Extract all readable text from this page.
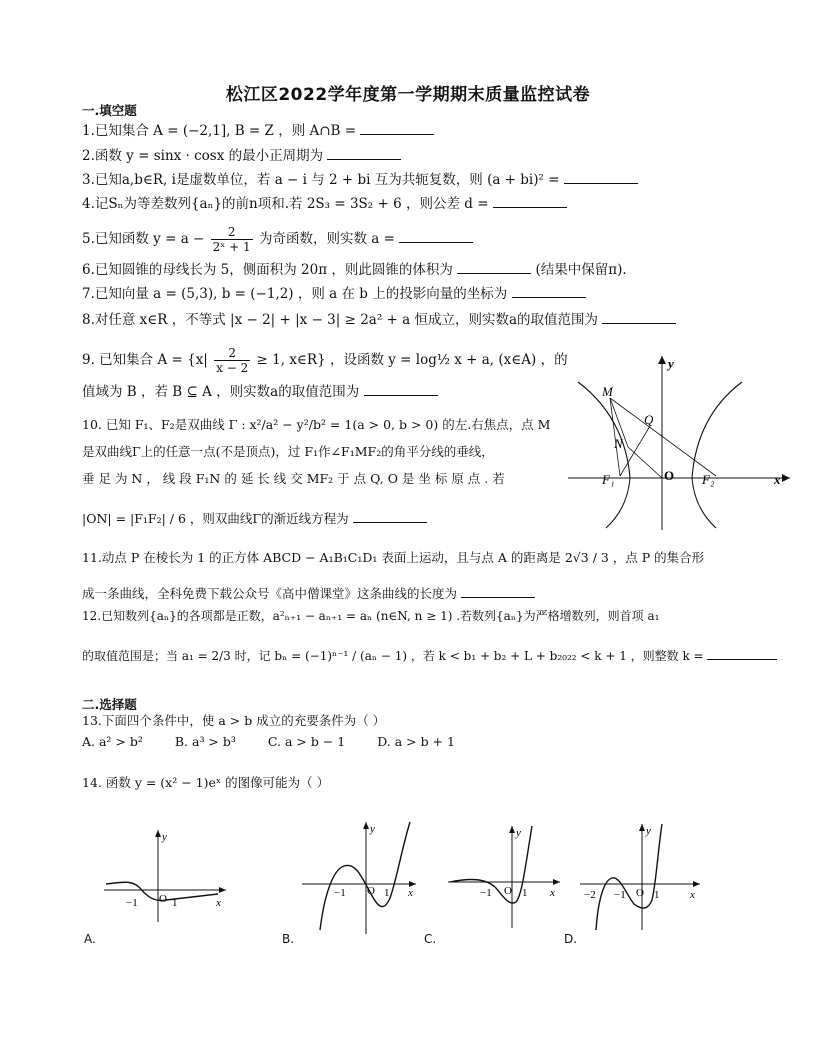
松江区2022学年度第一学期期末质量监控试卷
一.填空题
1.已知集合 A = (−2,1], B = Z ，则 A∩B =
2.函数 y = sinx · cosx 的最小正周期为
3.已知a,b∈R, i是虚数单位，若 a − i 与 2 + bi 互为共轭复数，则 (a + bi)² =
4.记Sₙ为等差数列{aₙ}的前n项和.若 2S₃ = 3S₂ + 6 ，则公差 d =
5.已知函数 $y = a - \frac{2}{\text{2ˣ + 1}}$ 为奇函数，则实数 a =
6.已知圆锥的母线长为 5，侧面积为 20π ，则此圆锥的体积为	(结果中保留π).
7.已知向量 a = (5,3), b = (−1,2) ，则 a 在 b 上的投影向量的坐标为
8.对任意 x∈R ，不等式 |x − 2| + |x − 3| ≥ 2a² + a 恒成立，则实数a的取值范围为
9. 已知集合 $A = \{x| \frac{2}{x - 2} \ge 1$, x∈R} ，设函数 y = log½ x + a, (x∈A) ，的
值域为 B ，若 B ⊆ A ，则实数a的取值范围为
10. 已知 F₁、F₂是双曲线 Γ : x²/a² − y²/b² = 1(a > 0, b > 0) 的左.右焦点，点 M
是双曲线Γ上的任意一点(不是顶点)，过 F₁作∠F₁MF₂的角平分线的垂线，
垂 足 为 N ， 线 段 F₁N 的 延 长 线 交 MF₂ 于 点 Q, O 是 坐 标 原 点 . 若
|ON| = |F₁F₂| / 6 ，则双曲线Γ的渐近线方程为
M
Q
N
F₁	O F₂	x
y
11.动点 P 在棱长为 1 的正方体 ABCD − A₁B₁C₁D₁ 表面上运动，且与点 A 的距离是 2√3 / 3 ，点 P 的集合形
成一条曲线，全科免费下载公众号《高中僧课堂》这条曲线的长度为
12.已知数列{aₙ}的各项都是正数，a²ₙ₊₁ − aₙ₊₁ = aₙ (n∈N, n ≥ 1) .若数列{aₙ}为严格增数列，则首项 a₁
的取值范围是；当 a₁ = 2/3 时，记 bₙ = (−1)ⁿ⁻¹ / (aₙ − 1) ，若 k < b₁ + b₂ + L + b₂₀₂₂ < k + 1 ，则整数 k =
二.选择题
13.下面四个条件中，使 a > b 成立的充要条件为（ ）
A. a² > b²	B. a³ > b³	C. a > b − 1	D. a > b + 1
14. 函数 y = (x² − 1)eˣ 的图像可能为（ ）
−1 O 1	x
y
A.
−1 O 1 x
y
B.
−1 O 1 x
y
C.
−2 −1 O 1	x
y
D.
